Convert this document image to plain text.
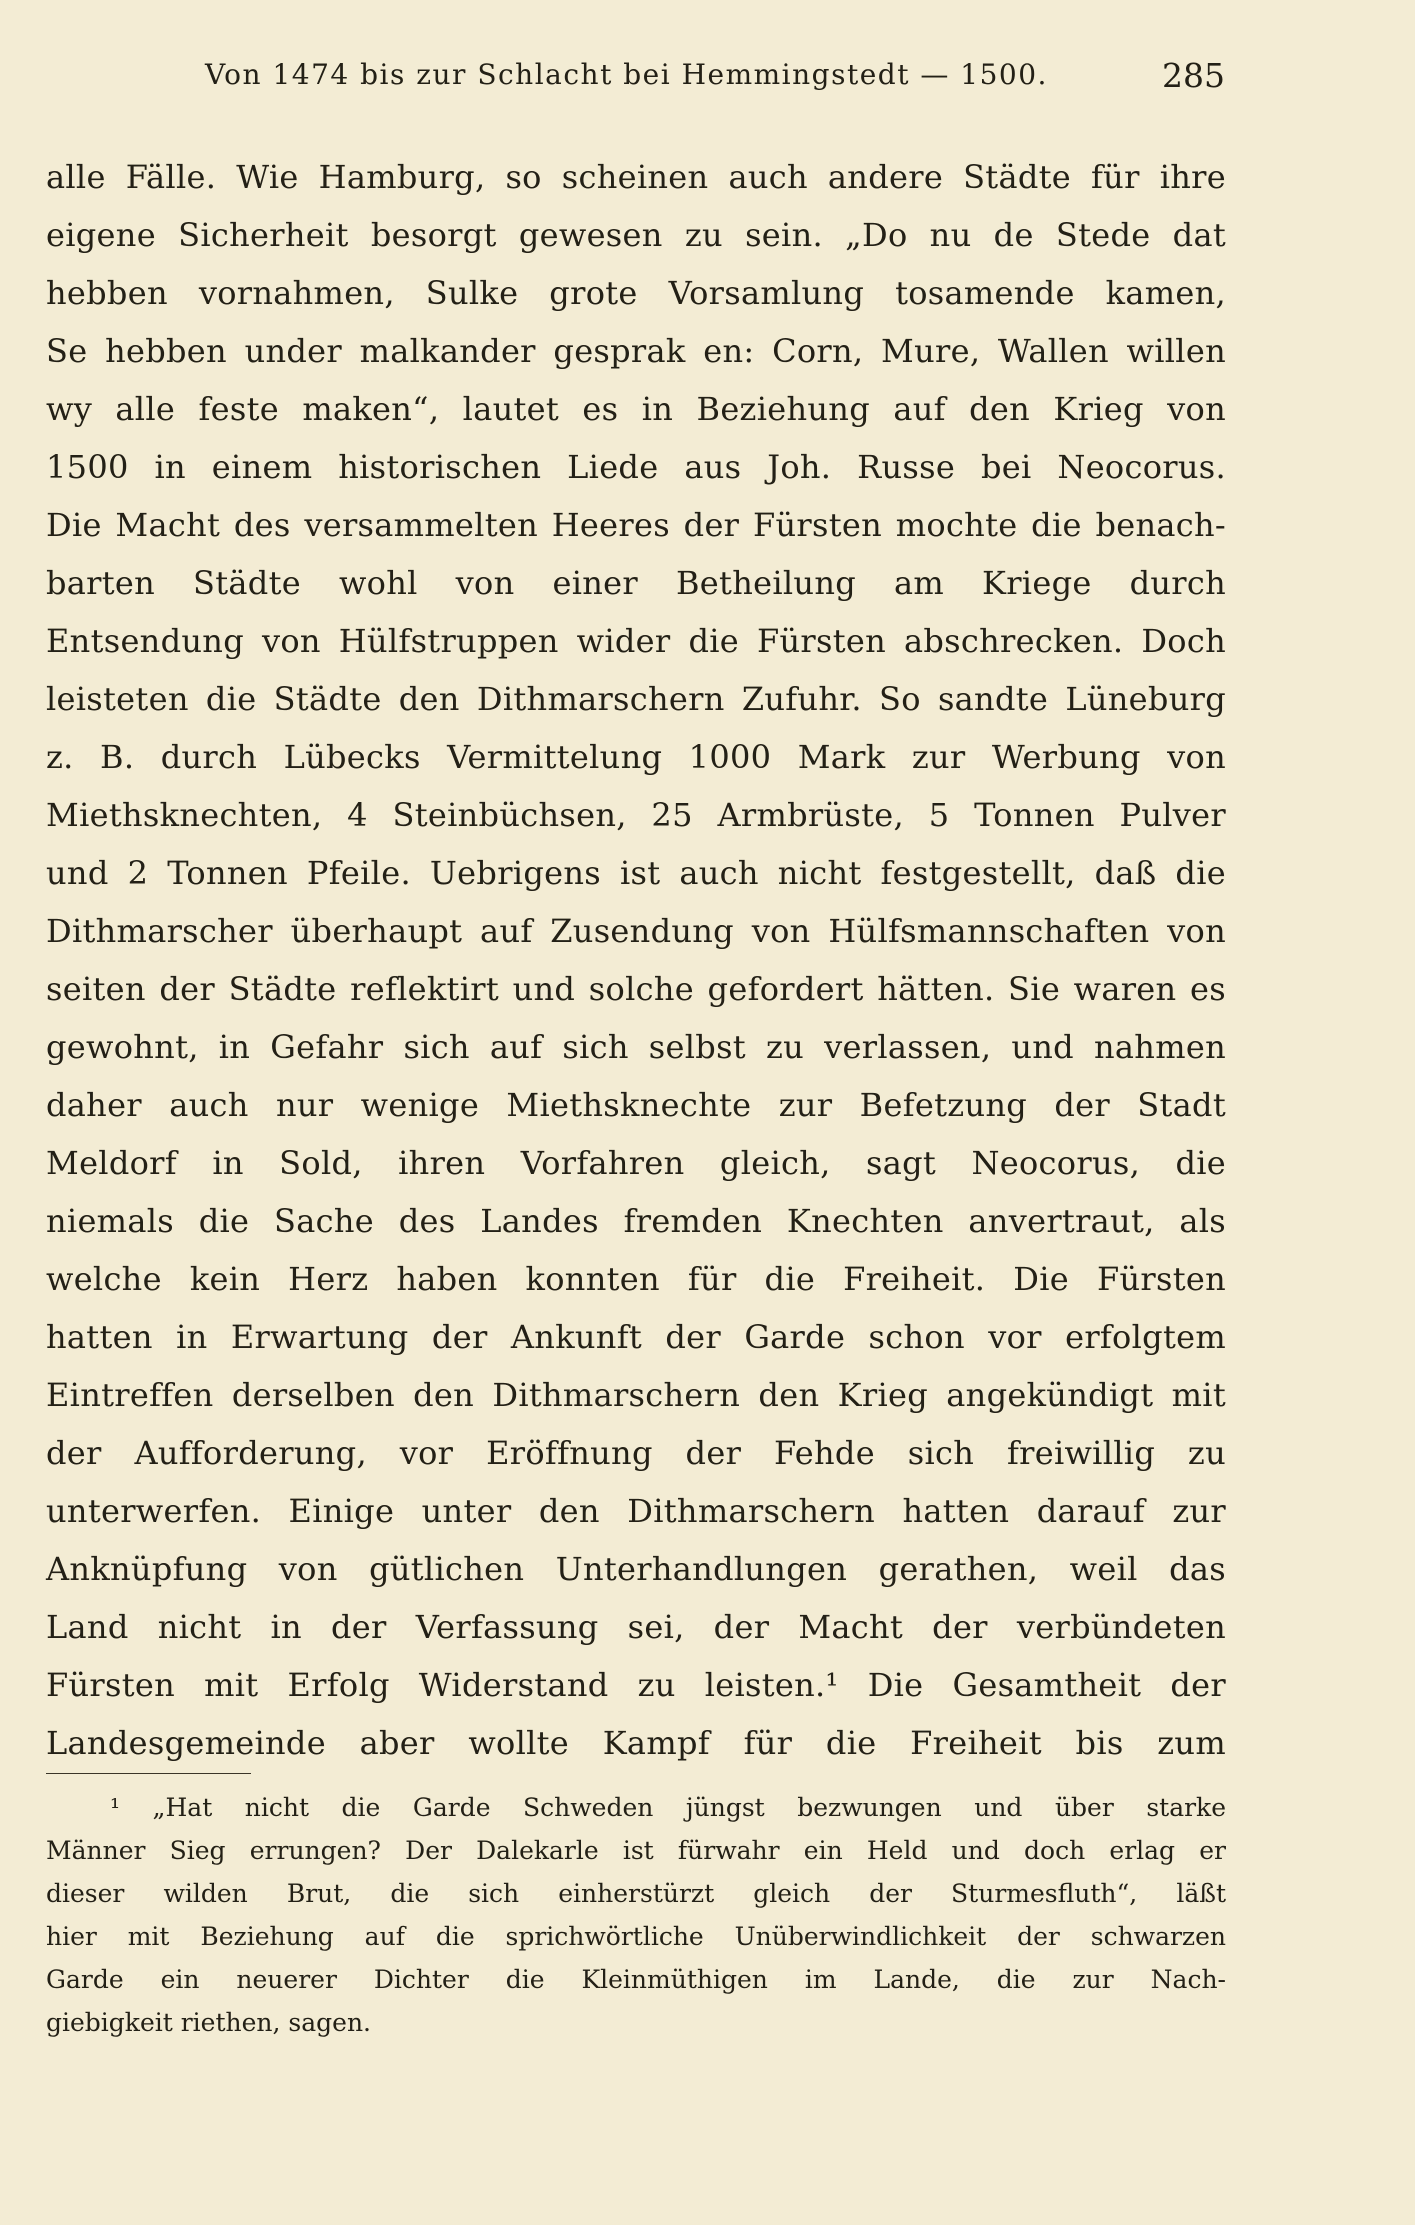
Von 1474 bis zur Schlacht bei Hemmingstedt — 1500.	285
alle Fälle. Wie Hamburg, so scheinen auch andere Städte für ihre
eigene Sicherheit besorgt gewesen zu sein. „Do nu de Stede dat
hebben vornahmen, Sulke grote Vorsamlung tosamende kamen,
Se hebben under malkander gesprak en: Corn, Mure, Wallen willen
wy alle feste maken“, lautet es in Beziehung auf den Krieg von
1500 in einem historischen Liede aus Joh. Russe bei Neocorus.
Die Macht des versammelten Heeres der Fürsten mochte die benach-
barten Städte wohl von einer Betheilung am Kriege durch
Entsendung von Hülfstruppen wider die Fürsten abschrecken. Doch
leisteten die Städte den Dithmarschern Zufuhr. So sandte Lüneburg
z. B. durch Lübecks Vermittelung 1000 Mark zur Werbung von
Miethsknechten, 4 Steinbüchsen, 25 Armbrüste, 5 Tonnen Pulver
und 2 Tonnen Pfeile. Uebrigens ist auch nicht festgestellt, daß die
Dithmarscher überhaupt auf Zusendung von Hülfsmannschaften von
seiten der Städte reflektirt und solche gefordert hätten. Sie waren es
gewohnt, in Gefahr sich auf sich selbst zu verlassen, und nahmen
daher auch nur wenige Miethsknechte zur Befetzung der Stadt
Meldorf in Sold, ihren Vorfahren gleich, sagt Neocorus, die
niemals die Sache des Landes fremden Knechten anvertraut, als
welche kein Herz haben konnten für die Freiheit. Die Fürsten
hatten in Erwartung der Ankunft der Garde schon vor erfolgtem
Eintreffen derselben den Dithmarschern den Krieg angekündigt mit
der Aufforderung, vor Eröffnung der Fehde sich freiwillig zu
unterwerfen. Einige unter den Dithmarschern hatten darauf zur
Anknüpfung von gütlichen Unterhandlungen gerathen, weil das
Land nicht in der Verfassung sei, der Macht der verbündeten
Fürsten mit Erfolg Widerstand zu leisten.¹ Die Gesamtheit der
Landesgemeinde aber wollte Kampf für die Freiheit bis zum
¹ „Hat nicht die Garde Schweden jüngst bezwungen und über starke
Männer Sieg errungen? Der Dalekarle ist fürwahr ein Held und doch erlag er
dieser wilden Brut, die sich einherstürzt gleich der Sturmesfluth“, läßt
hier mit Beziehung auf die sprichwörtliche Unüberwindlichkeit der schwarzen
Garde ein neuerer Dichter die Kleinmüthigen im Lande, die zur Nach-
giebigkeit riethen, sagen.
